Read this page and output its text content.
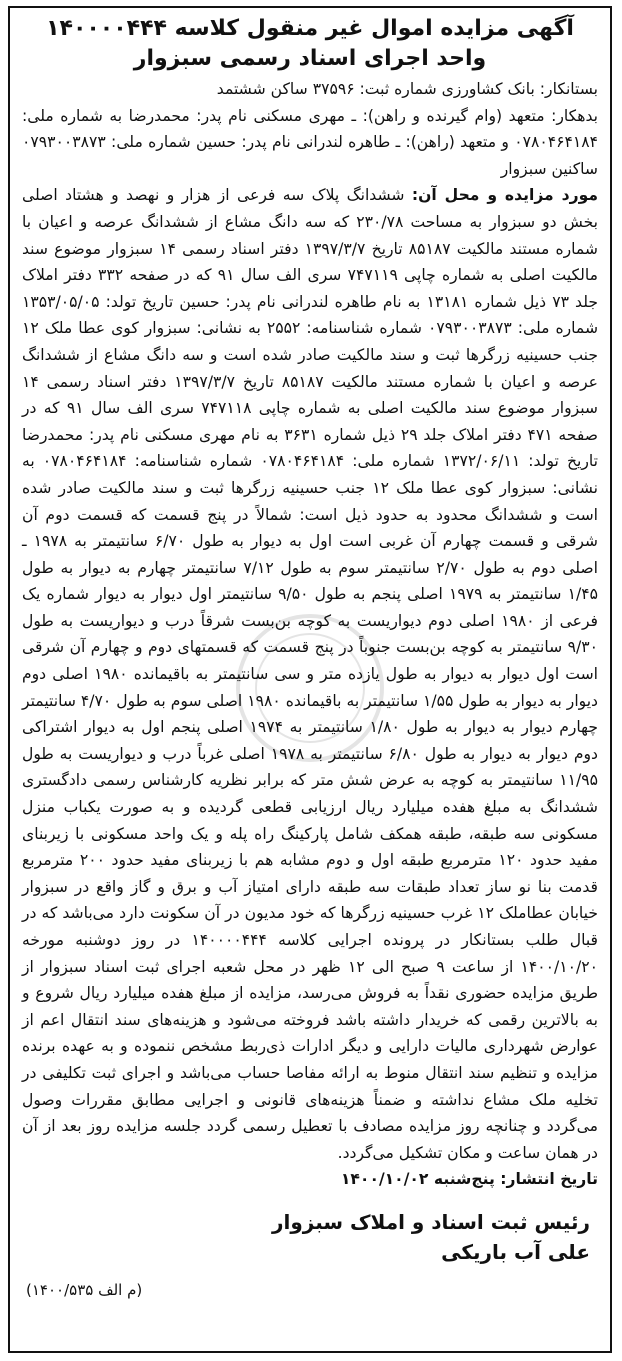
آگهی مزایده اموال غیر منقول کلاسه ۱۴۰۰۰۰۴۴۴ واحد اجرای اسناد رسمی سبزوار

بستانکار: بانک کشاورزی شماره ثبت: ۳۷۵۹۶ ساکن ششتمد

بدهکار: متعهد (وام گیرنده و راهن): ـ مهری مسکنی نام پدر: محمدرضا به شماره ملی: ۰۷۸۰۴۶۴۱۸۴ و متعهد (راهن): ـ طاهره لندرانی نام پدر: حسین شماره ملی: ۰۷۹۳۰۰۳۸۷۳ ساکنین سبزوار

مورد مزایده و محل آن: ششدانگ پلاک سه فرعی از هزار و نهصد و هشتاد اصلی بخش دو سبزوار به مساحت ۲۳۰/۷۸ که سه دانگ مشاع از ششدانگ عرصه و اعیان با شماره مستند مالکیت ۸۵۱۸۷ تاریخ ۱۳۹۷/۳/۷ دفتر اسناد رسمی ۱۴ سبزوار موضوع سند مالکیت اصلی به شماره چاپی ۷۴۷۱۱۹ سری الف سال ۹۱ که در صفحه ۳۳۲ دفتر املاک جلد ۷۳ ذیل شماره ۱۳۱۸۱ به نام طاهره لندرانی نام پدر: حسین تاریخ تولد: ۱۳۵۳/۰۵/۰۵ شماره ملی: ۰۷۹۳۰۰۳۸۷۳ شماره شناسنامه: ۲۵۵۲ به نشانی: سبزوار کوی عطا ملک ۱۲ جنب حسینیه زرگرها ثبت و سند مالکیت صادر شده است و سه دانگ مشاع از ششدانگ عرصه و اعیان با شماره مستند مالکیت ۸۵۱۸۷ تاریخ ۱۳۹۷/۳/۷ دفتر اسناد رسمی ۱۴ سبزوار موضوع سند مالکیت اصلی به شماره چاپی ۷۴۷۱۱۸ سری الف سال ۹۱ که در صفحه ۴۷۱ دفتر املاک جلد ۲۹ ذیل شماره ۳۶۳۱ به نام مهری مسکنی نام پدر: محمدرضا تاریخ تولد: ۱۳۷۲/۰۶/۱۱ شماره ملی: ۰۷۸۰۴۶۴۱۸۴ شماره شناسنامه: ۰۷۸۰۴۶۴۱۸۴ به نشانی: سبزوار کوی عطا ملک ۱۲ جنب حسینیه زرگرها ثبت و سند مالکیت صادر شده است و ششدانگ محدود به حدود ذیل است: شمالاً در پنج قسمت که قسمت دوم آن شرقی و قسمت چهارم آن غربی است اول به دیوار به طول ۶/۷۰ سانتیمتر به ۱۹۷۸ ـ اصلی دوم به طول ۲/۷۰ سانتیمتر سوم به طول ۷/۱۲ سانتیمتر چهارم به دیوار به طول ۱/۴۵ سانتیمتر به ۱۹۷۹ اصلی پنجم به طول ۹/۵۰ سانتیمتر اول دیوار به دیوار شماره یک فرعی از ۱۹۸۰ اصلی دوم دیواریست به کوچه بن‌بست شرقاً درب و دیواریست به طول ۹/۳۰ سانتیمتر به کوچه بن‌بست جنوباً در پنج قسمت که قسمتهای دوم و چهارم آن شرقی است اول دیوار به دیوار به طول یازده متر و سی سانتیمتر به باقیمانده ۱۹۸۰ اصلی دوم دیوار به دیوار به طول ۱/۵۵ سانتیمتر به باقیمانده ۱۹۸۰ اصلی سوم به طول ۴/۷۰ سانتیمتر چهارم دیوار به دیوار به طول ۱/۸۰ سانتیمتر به ۱۹۷۴ اصلی پنجم اول به دیوار اشتراکی دوم دیوار به دیوار به طول ۶/۸۰ سانتیمتر به ۱۹۷۸ اصلی غرباً درب و دیواریست به طول ۱۱/۹۵ سانتیمتر به کوچه به عرض شش متر که برابر نظریه کارشناس رسمی دادگستری ششدانگ به مبلغ هفده میلیارد ریال ارزیابی قطعی گردیده و به صورت یکباب منزل مسکونی سه طبقه، طبقه همکف شامل پارکینگ راه پله و یک واحد مسکونی با زیربنای مفید حدود ۱۲۰ مترمربع طبقه اول و دوم مشابه هم با زیربنای مفید حدود ۲۰۰ مترمربع قدمت بنا نو ساز تعداد طبقات سه طبقه دارای امتیاز آب و برق و گاز واقع در سبزوار خیابان عطاملک ۱۲ غرب حسینیه زرگرها که خود مدیون در آن سکونت دارد می‌باشد که در قبال طلب بستانکار در پرونده اجرایی کلاسه ۱۴۰۰۰۰۴۴۴ در روز دوشنبه مورخه ۱۴۰۰/۱۰/۲۰ از ساعت ۹ صبح الی ۱۲ ظهر در محل شعبه اجرای ثبت اسناد سبزوار از طریق مزایده حضوری نقداً به فروش می‌رسد، مزایده از مبلغ هفده میلیارد ریال شروع و به بالاترین رقمی که خریدار داشته باشد فروخته می‌شود و هزینه‌های سند انتقال اعم از عوارض شهرداری مالیات دارایی و دیگر ادارات ذی‌ربط مشخص ننموده و به عهده برنده مزایده و تنظیم سند انتقال منوط به ارائه مفاصا حساب می‌باشد و اجرای ثبت تکلیفی در تخلیه ملک مشاع نداشته و ضمناً هزینه‌های قانونی و اجرایی مطابق مقررات وصول می‌گردد و چنانچه روز مزایده مصادف با تعطیل رسمی گردد جلسه مزایده روز بعد از آن در همان ساعت و مکان تشکیل می‌گردد.

تاریخ انتشار: پنج‌شنبه ۱۴۰۰/۱۰/۰۲

رئیس ثبت اسناد و املاک سبزوار
علی آب باریکی
(م الف ۱۴۰۰/۵۳۵)
